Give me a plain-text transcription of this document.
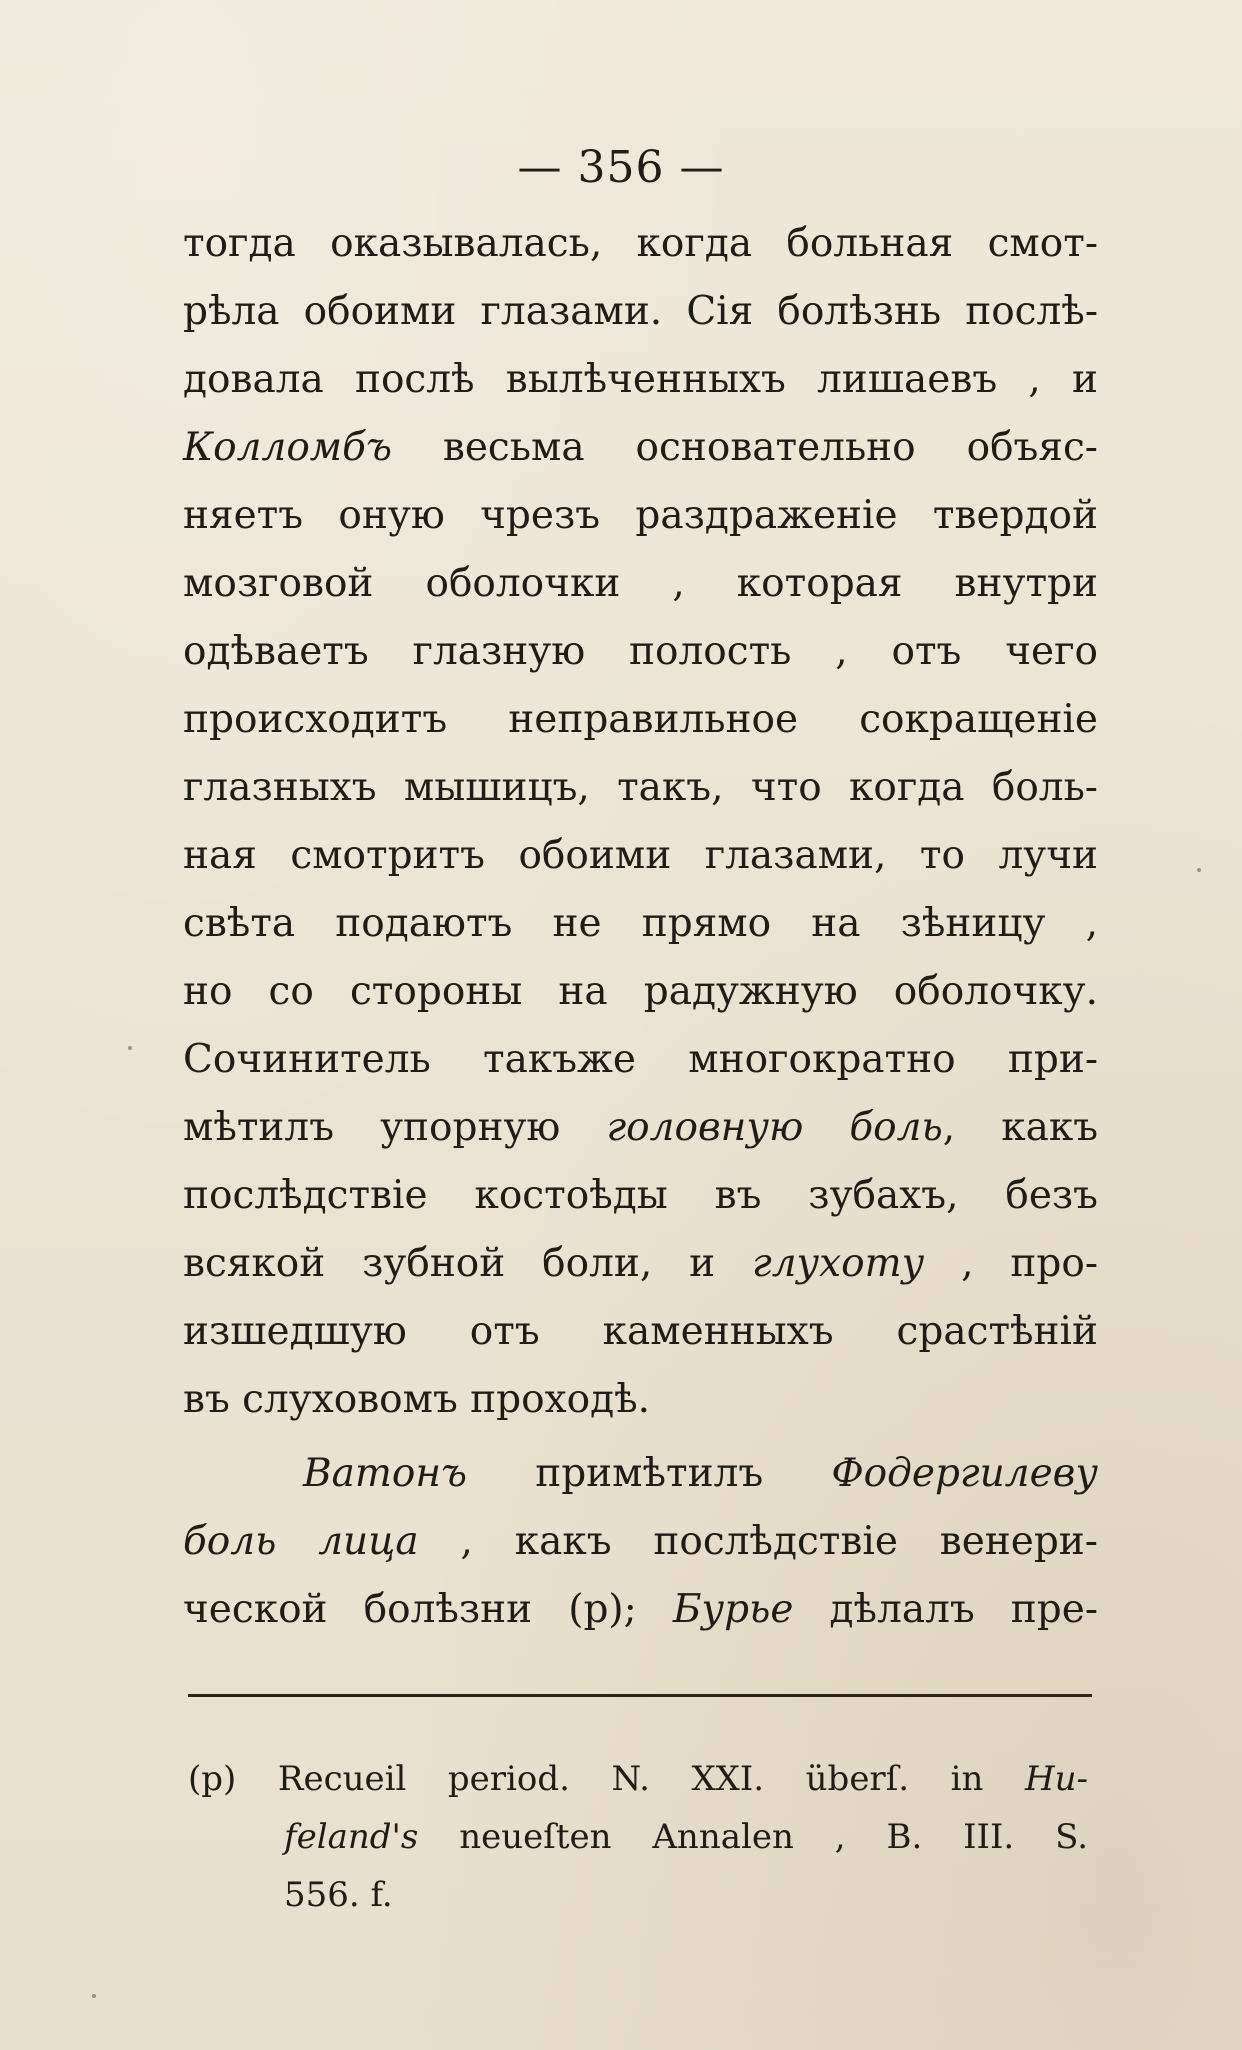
— 356 —
тогда оказывалась, когда больная смот-
рѣла обоими глазами. Сія болѣзнь послѣ-
довала послѣ вылѣченныхъ лишаевъ , и
Колломбъ весьма основательно объяс-
няетъ оную чрезъ раздраженіе твердой
мозговой оболочки , которая внутри
одѣваетъ глазную полость , отъ чего
происходитъ неправильное сокращеніе
глазныхъ мышицъ, такъ, что когда боль-
ная смотритъ обоими глазами, то лучи
свѣта подаютъ не прямо на зѣницу ,
но со стороны на радужную оболочку.
Сочинитель такъже многократно при-
мѣтилъ упорную головную боль, какъ
послѣдствіе костоѣды въ зубахъ, безъ
всякой зубной боли, и глухоту , про-
изшедшую отъ каменныхъ срастѣній
въ слуховомъ проходѣ.
Ватонъ примѣтилъ Фодергилеву
боль лица , какъ послѣдствіе венери-
ческой болѣзни (р); Бурье дѣлалъ пре-
(р) Recueil period. N. XXI. überſ. in Hu-
feland's neueſten Annalen , B. III. S.
556. f.
